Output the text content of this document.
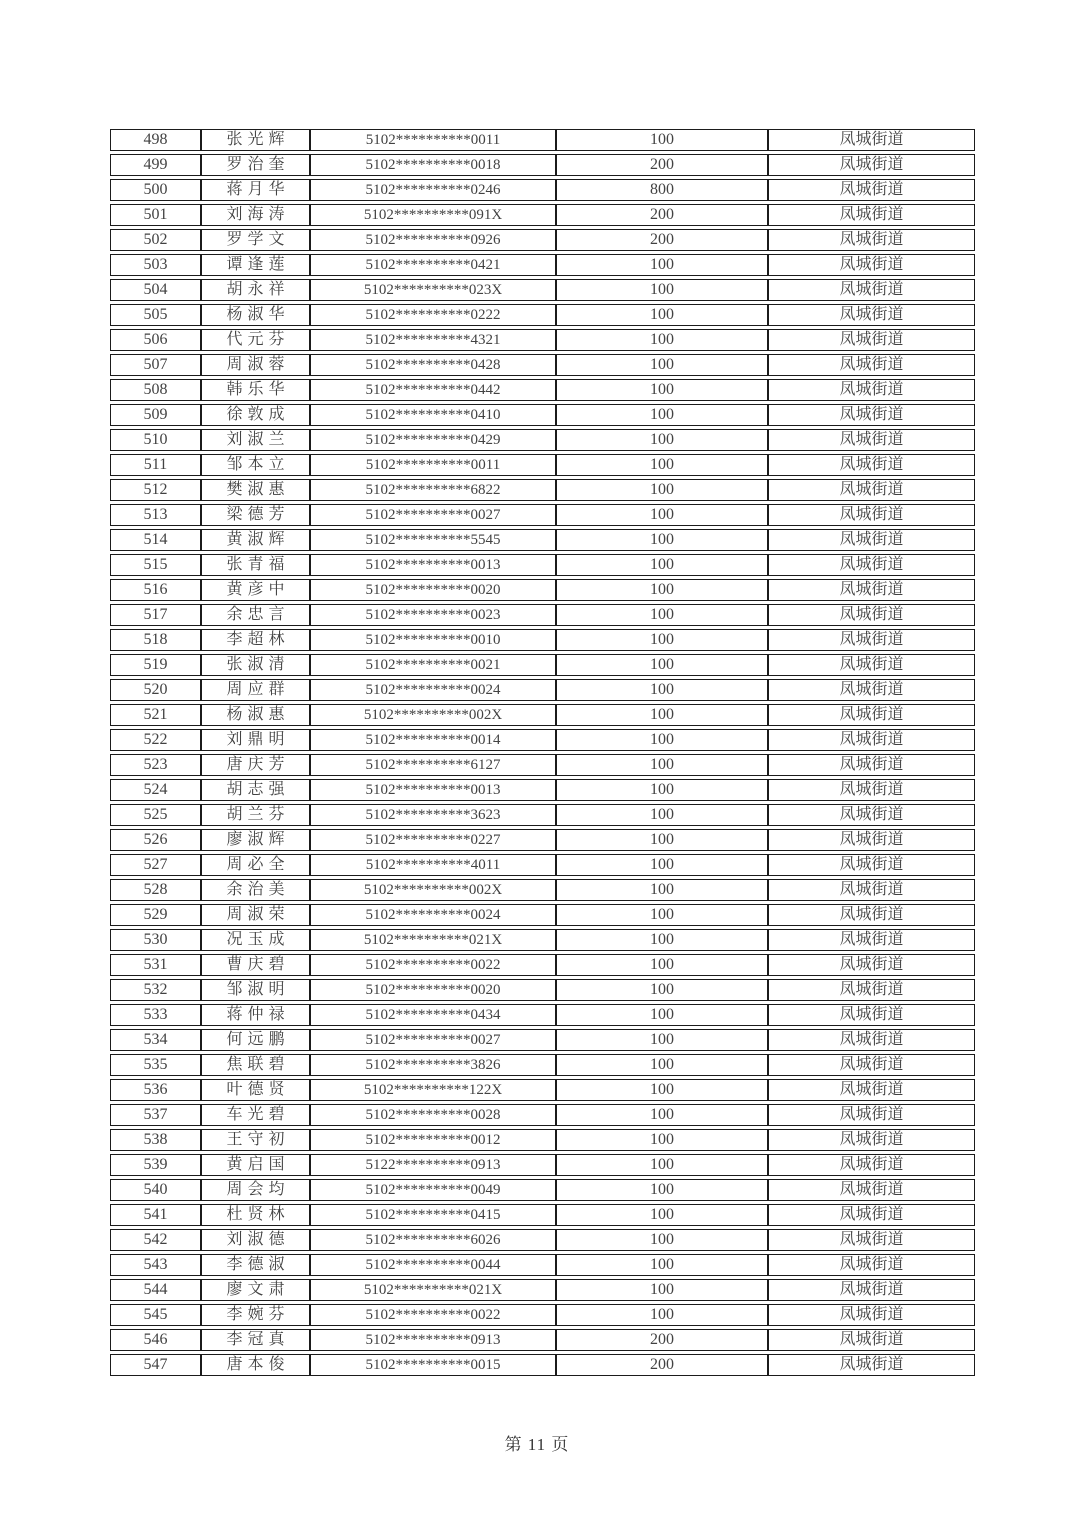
498	张光辉	5102**********0011	100	凤城街道
499	罗治奎	5102**********0018	200	凤城街道
500	蒋月华	5102**********0246	800	凤城街道
501	刘海涛	5102**********091X	200	凤城街道
502	罗学文	5102**********0926	200	凤城街道
503	谭逢莲	5102**********0421	100	凤城街道
504	胡永祥	5102**********023X	100	凤城街道
505	杨淑华	5102**********0222	100	凤城街道
506	代元芬	5102**********4321	100	凤城街道
507	周淑蓉	5102**********0428	100	凤城街道
508	韩乐华	5102**********0442	100	凤城街道
509	徐敦成	5102**********0410	100	凤城街道
510	刘淑兰	5102**********0429	100	凤城街道
511	邹本立	5102**********0011	100	凤城街道
512	樊淑惠	5102**********6822	100	凤城街道
513	梁德芳	5102**********0027	100	凤城街道
514	黄淑辉	5102**********5545	100	凤城街道
515	张青福	5102**********0013	100	凤城街道
516	黄彦中	5102**********0020	100	凤城街道
517	余忠言	5102**********0023	100	凤城街道
518	李超林	5102**********0010	100	凤城街道
519	张淑清	5102**********0021	100	凤城街道
520	周应群	5102**********0024	100	凤城街道
521	杨淑惠	5102**********002X	100	凤城街道
522	刘鼎明	5102**********0014	100	凤城街道
523	唐庆芳	5102**********6127	100	凤城街道
524	胡志强	5102**********0013	100	凤城街道
525	胡兰芬	5102**********3623	100	凤城街道
526	廖淑辉	5102**********0227	100	凤城街道
527	周必全	5102**********4011	100	凤城街道
528	余治美	5102**********002X	100	凤城街道
529	周淑荣	5102**********0024	100	凤城街道
530	况玉成	5102**********021X	100	凤城街道
531	曹庆碧	5102**********0022	100	凤城街道
532	邹淑明	5102**********0020	100	凤城街道
533	蒋仲禄	5102**********0434	100	凤城街道
534	何远鹏	5102**********0027	100	凤城街道
535	焦联碧	5102**********3826	100	凤城街道
536	叶德贤	5102**********122X	100	凤城街道
537	车光碧	5102**********0028	100	凤城街道
538	王守初	5102**********0012	100	凤城街道
539	黄启国	5122**********0913	100	凤城街道
540	周会均	5102**********0049	100	凤城街道
541	杜贤林	5102**********0415	100	凤城街道
542	刘淑德	5102**********6026	100	凤城街道
543	李德淑	5102**********0044	100	凤城街道
544	廖文肃	5102**********021X	100	凤城街道
545	李婉芬	5102**********0022	100	凤城街道
546	李冠真	5102**********0913	200	凤城街道
547	唐本俊	5102**********0015	200	凤城街道
第 11 页
